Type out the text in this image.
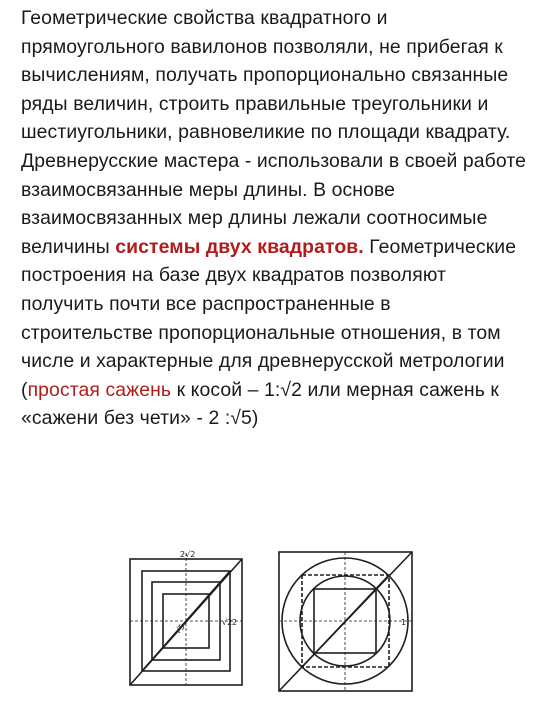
Геометрические свойства квадратного и прямоугольного вавилонов позволяли, не прибегая к вычислениям, получать пропорционально связанные ряды величин, строить правильные треугольники и шестиугольники, равновеликие по площади квадрату.

Древнерусские мастера - использовали в своей работе взаимосвязанные меры длины. В основе взаимосвязанных мер длины лежали соотносимые величины системы двух квадратов. Геометрические построения на базе двух квадратов позволяют получить почти все распространенные в строительстве пропорциональные отношения, в том числе и характерные для древнерусской метрологии (простая сажень к косой – 1:√2 или мерная сажень к «сажени без чети» - 2 :√5)

2√2
√2 2
√5	1
